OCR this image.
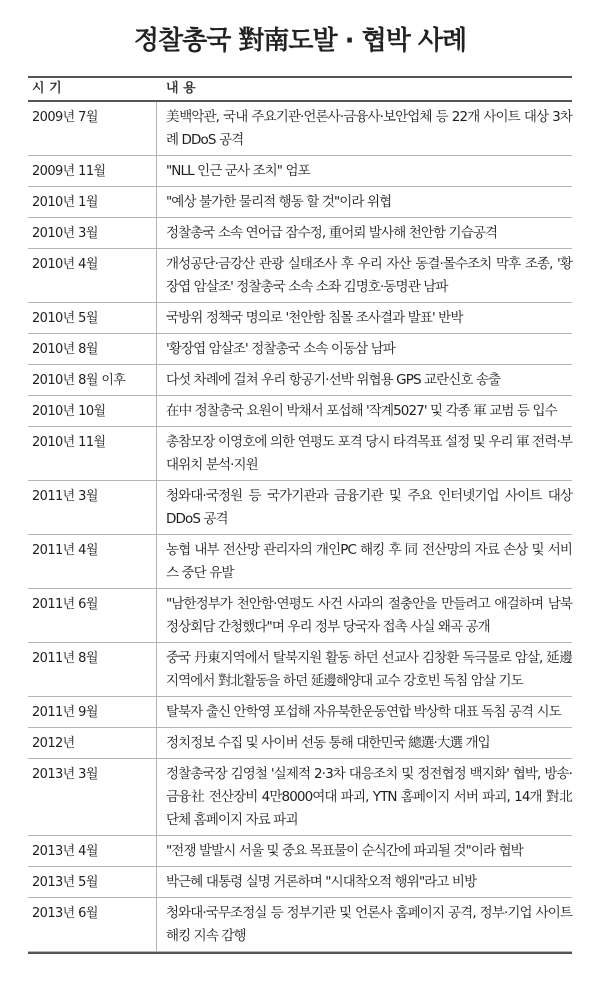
정찰총국 對南도발 · 협박 사례
시 기	내 용
2009년 7월	美백악관, 국내 주요기관·언론사·금융사·보안업체 등 22개 사이트 대상 3차례 DDoS 공격
2009년 11월	"NLL 인근 군사 조치" 엄포
2010년 1월	"예상 불가한 물리적 행동 할 것"이라 위협
2010년 3월	정찰총국 소속 연어급 잠수정, 重어뢰 발사해 천안함 기습공격
2010년 4월	개성공단·금강산 관광 실태조사 후 우리 자산 동결·몰수조치 막후 조종, '황장엽 암살조' 정찰총국 소속 소좌 김명호·동명관 남파
2010년 5월	국방위 정책국 명의로 '천안함 침몰 조사결과 발표' 반박
2010년 8월	'황장엽 암살조' 정찰총국 소속 이동삼 남파
2010년 8월 이후	다섯 차례에 걸쳐 우리 항공기·선박 위협용 GPS 교란신호 송출
2010년 10월	在中 정찰총국 요원이 박채서 포섭해 '작계5027' 및 각종 軍 교범 등 입수
2010년 11월	총참모장 이영호에 의한 연평도 포격 당시 타격목표 설정 및 우리 軍 전력·부대위치 분석·지원
2011년 3월	청와대·국정원 등 국가기관과 금융기관 및 주요 인터넷기업 사이트 대상 DDoS 공격
2011년 4월	농협 내부 전산망 관리자의 개인PC 해킹 후 同 전산망의 자료 손상 및 서비스 중단 유발
2011년 6월	"남한정부가 천안함·연평도 사건 사과의 절충안을 만들려고 애걸하며 남북정상회담 간청했다"며 우리 정부 당국자 접촉 사실 왜곡 공개
2011년 8월	중국 丹東지역에서 탈북지원 활동 하던 선교사 김창환 독극물로 암살, 延邊지역에서 對北활동을 하던 延邊해양대 교수 강호빈 독침 암살 기도
2011년 9월	탈북자 출신 안학영 포섭해 자유북한운동연합 박상학 대표 독침 공격 시도
2012년	정치정보 수집 및 사이버 선동 통해 대한민국 總選·大選 개입
2013년 3월	정찰총국장 김영철 '실제적 2·3차 대응조치 및 정전협정 백지화' 협박, 방송·금융社 전산장비 4만8000여대 파괴, YTN 홈페이지 서버 파괴, 14개 對北단체 홈페이지 자료 파괴
2013년 4월	"전쟁 발발시 서울 및 중요 목표물이 순식간에 파괴될 것"이라 협박
2013년 5월	박근혜 대통령 실명 거론하며 "시대착오적 행위"라고 비방
2013년 6월	청와대·국무조정실 등 정부기관 및 언론사 홈페이지 공격, 정부·기업 사이트 해킹 지속 감행
